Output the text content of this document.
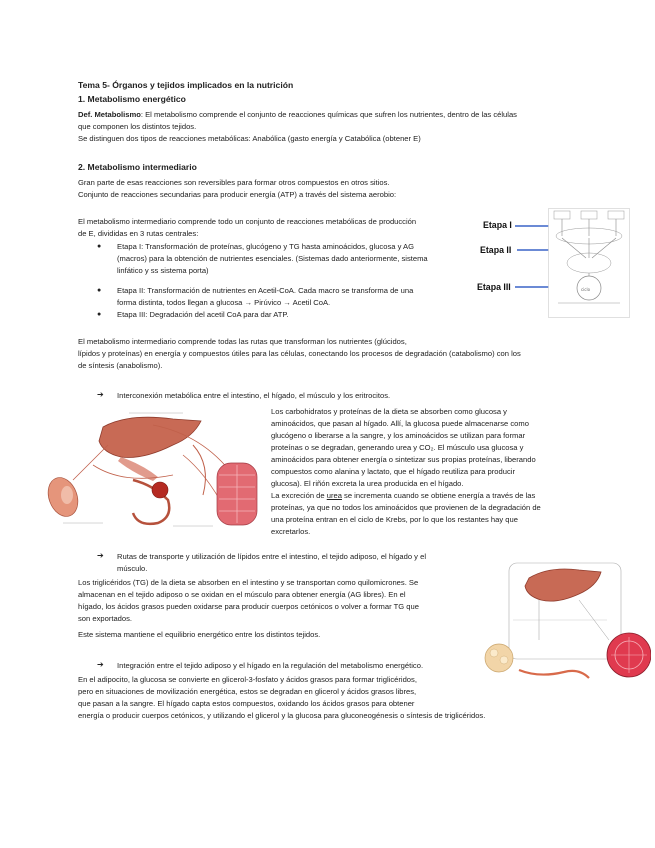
Tema 5- Órganos y tejidos implicados en la nutrición
1. Metabolismo energético
Def. Metabolismo: El metabolismo comprende el conjunto de reacciones químicas que sufren los nutrientes, dentro de las células
que componen los distintos tejidos.
Se distinguen dos tipos de reacciones metabólicas: Anabólica (gasto energía y Catabólica (obtener E)
2. Metabolismo intermediario
Gran parte de esas reacciones son reversibles para formar otros compuestos en otros sitios.
Conjunto de reacciones secundarias para producir energía (ATP) a través del sistema aerobio:
El metabolismo intermediario comprende todo un conjunto de reacciones metabólicas de producción
de E, divididas en 3 rutas centrales:
● Etapa I: Transformación de proteínas, glucógeno y TG hasta aminoácidos, glucosa y AG
(macros) para la obtención de nutrientes esenciales. (Sistemas dado anteriormente, sistema
linfático y ss sistema porta)
● Etapa II: Transformación de nutrientes en Acetil-CoA. Cada macro se transforma de una
forma distinta, todos llegan a glucosa → Pirúvico → Acetil CoA.
● Etapa III: Degradación del acetil CoA para dar ATP.
Etapa I
Etapa II
Etapa III	ciclo
El metabolismo intermediario comprende todas las rutas que transforman los nutrientes (glúcidos,
lípidos y proteínas) en energía y compuestos útiles para las células, conectando los procesos de degradación (catabolismo) con los
de síntesis (anabolismo).
➔ Interconexión metabólica entre el intestino, el hígado, el músculo y los eritrocitos.
Los carbohidratos y proteínas de la dieta se absorben como glucosa y
aminoácidos, que pasan al hígado. Allí, la glucosa puede almacenarse como
glucógeno o liberarse a la sangre, y los aminoácidos se utilizan para formar
proteínas o se degradan, generando urea y CO₂. El músculo usa glucosa y
aminoácidos para obtener energía o sintetizar sus propias proteínas, liberando
compuestos como alanina y lactato, que el hígado reutiliza para producir
glucosa). El riñón excreta la urea producida en el hígado.
La excreción de urea se incrementa cuando se obtiene energía a través de las
proteínas, ya que no todos los aminoácidos que provienen de la degradación de
una proteína entran en el ciclo de Krebs, por lo que los restantes hay que
excretarlos.
➔ Rutas de transporte y utilización de lípidos entre el intestino, el tejido adiposo, el hígado y el
músculo.
Los triglicéridos (TG) de la dieta se absorben en el intestino y se transportan como quilomicrones. Se
almacenan en el tejido adiposo o se oxidan en el músculo para obtener energía (AG libres). En el
hígado, los ácidos grasos pueden oxidarse para producir cuerpos cetónicos o volver a formar TG que
son exportados.
Este sistema mantiene el equilibrio energético entre los distintos tejidos.
➔ Integración entre el tejido adiposo y el hígado en la regulación del metabolismo energético.
En el adipocito, la glucosa se convierte en glicerol-3-fosfato y ácidos grasos para formar triglicéridos,
pero en situaciones de movilización energética, estos se degradan en glicerol y ácidos grasos libres,
que pasan a la sangre. El hígado capta estos compuestos, oxidando los ácidos grasos para obtener
energía o producir cuerpos cetónicos, y utilizando el glicerol y la glucosa para gluconeogénesis o síntesis de triglicéridos.
